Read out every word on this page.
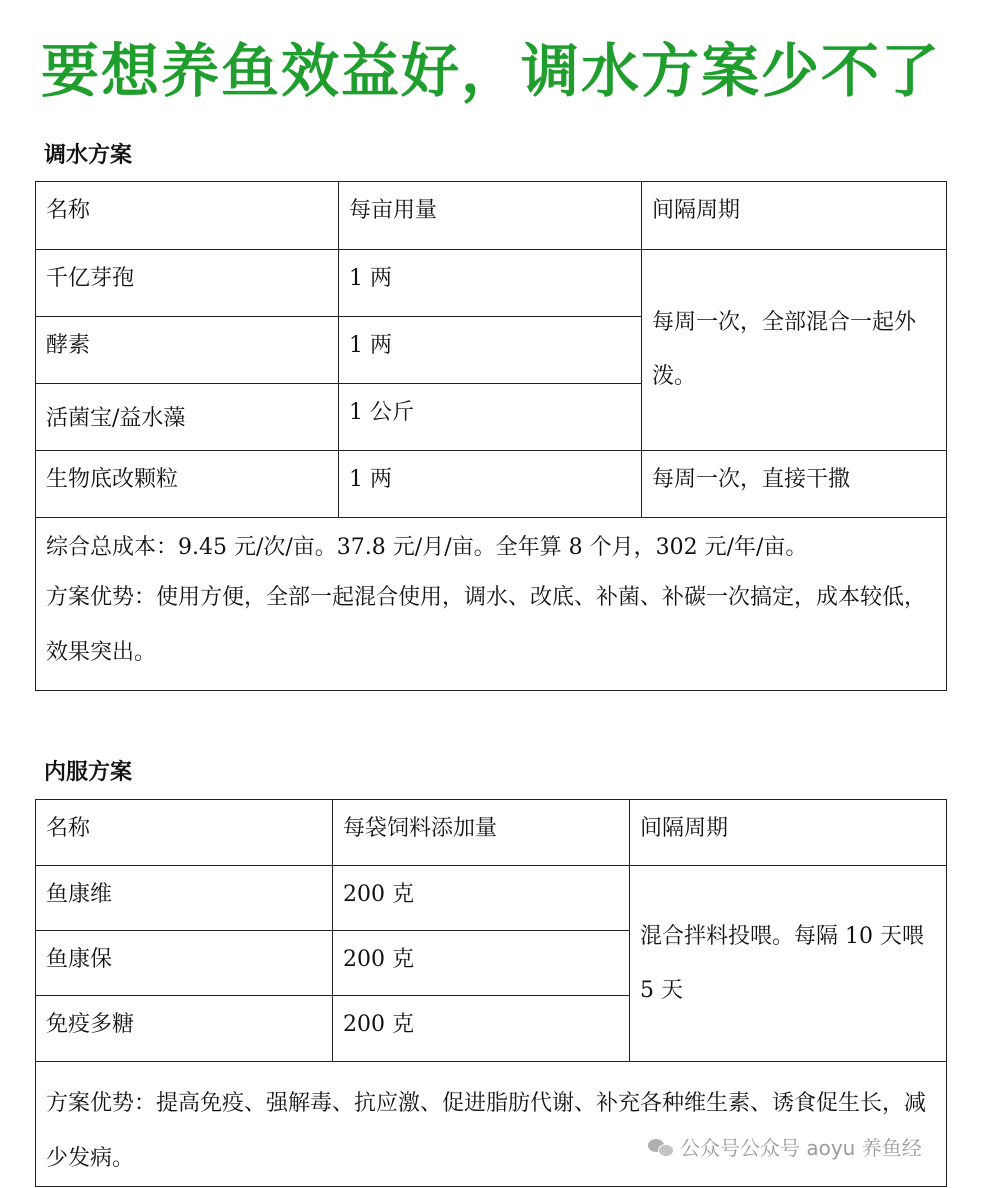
要想养鱼效益好，调水方案少不了
调水方案
名称	每亩用量	间隔周期

千亿芽孢	1 两	每周一次，全部混合一起外泼。

酵素	1 两	

活菌宝/益水藻	1 公斤	

生物底改颗粒	1 两	每周一次，直接干撒

综合总成本：9.45 元/次/亩。37.8 元/月/亩。全年算 8 个月，302 元/年/亩。
方案优势：使用方便，全部一起混合使用，调水、改底、补菌、补碳一次搞定，成本较低，效果突出。		
内服方案
名称	每袋饲料添加量	间隔周期

鱼康维	200 克	混合拌料投喂。每隔 10 天喂 5 天

鱼康保	200 克	

免疫多糖	200 克	

方案优势：提高免疫、强解毒、抗应激、促进脂肪代谢、补充各种维生素、诱食促生长，减少发病。			公众号公众号 aoyu 养鱼经
